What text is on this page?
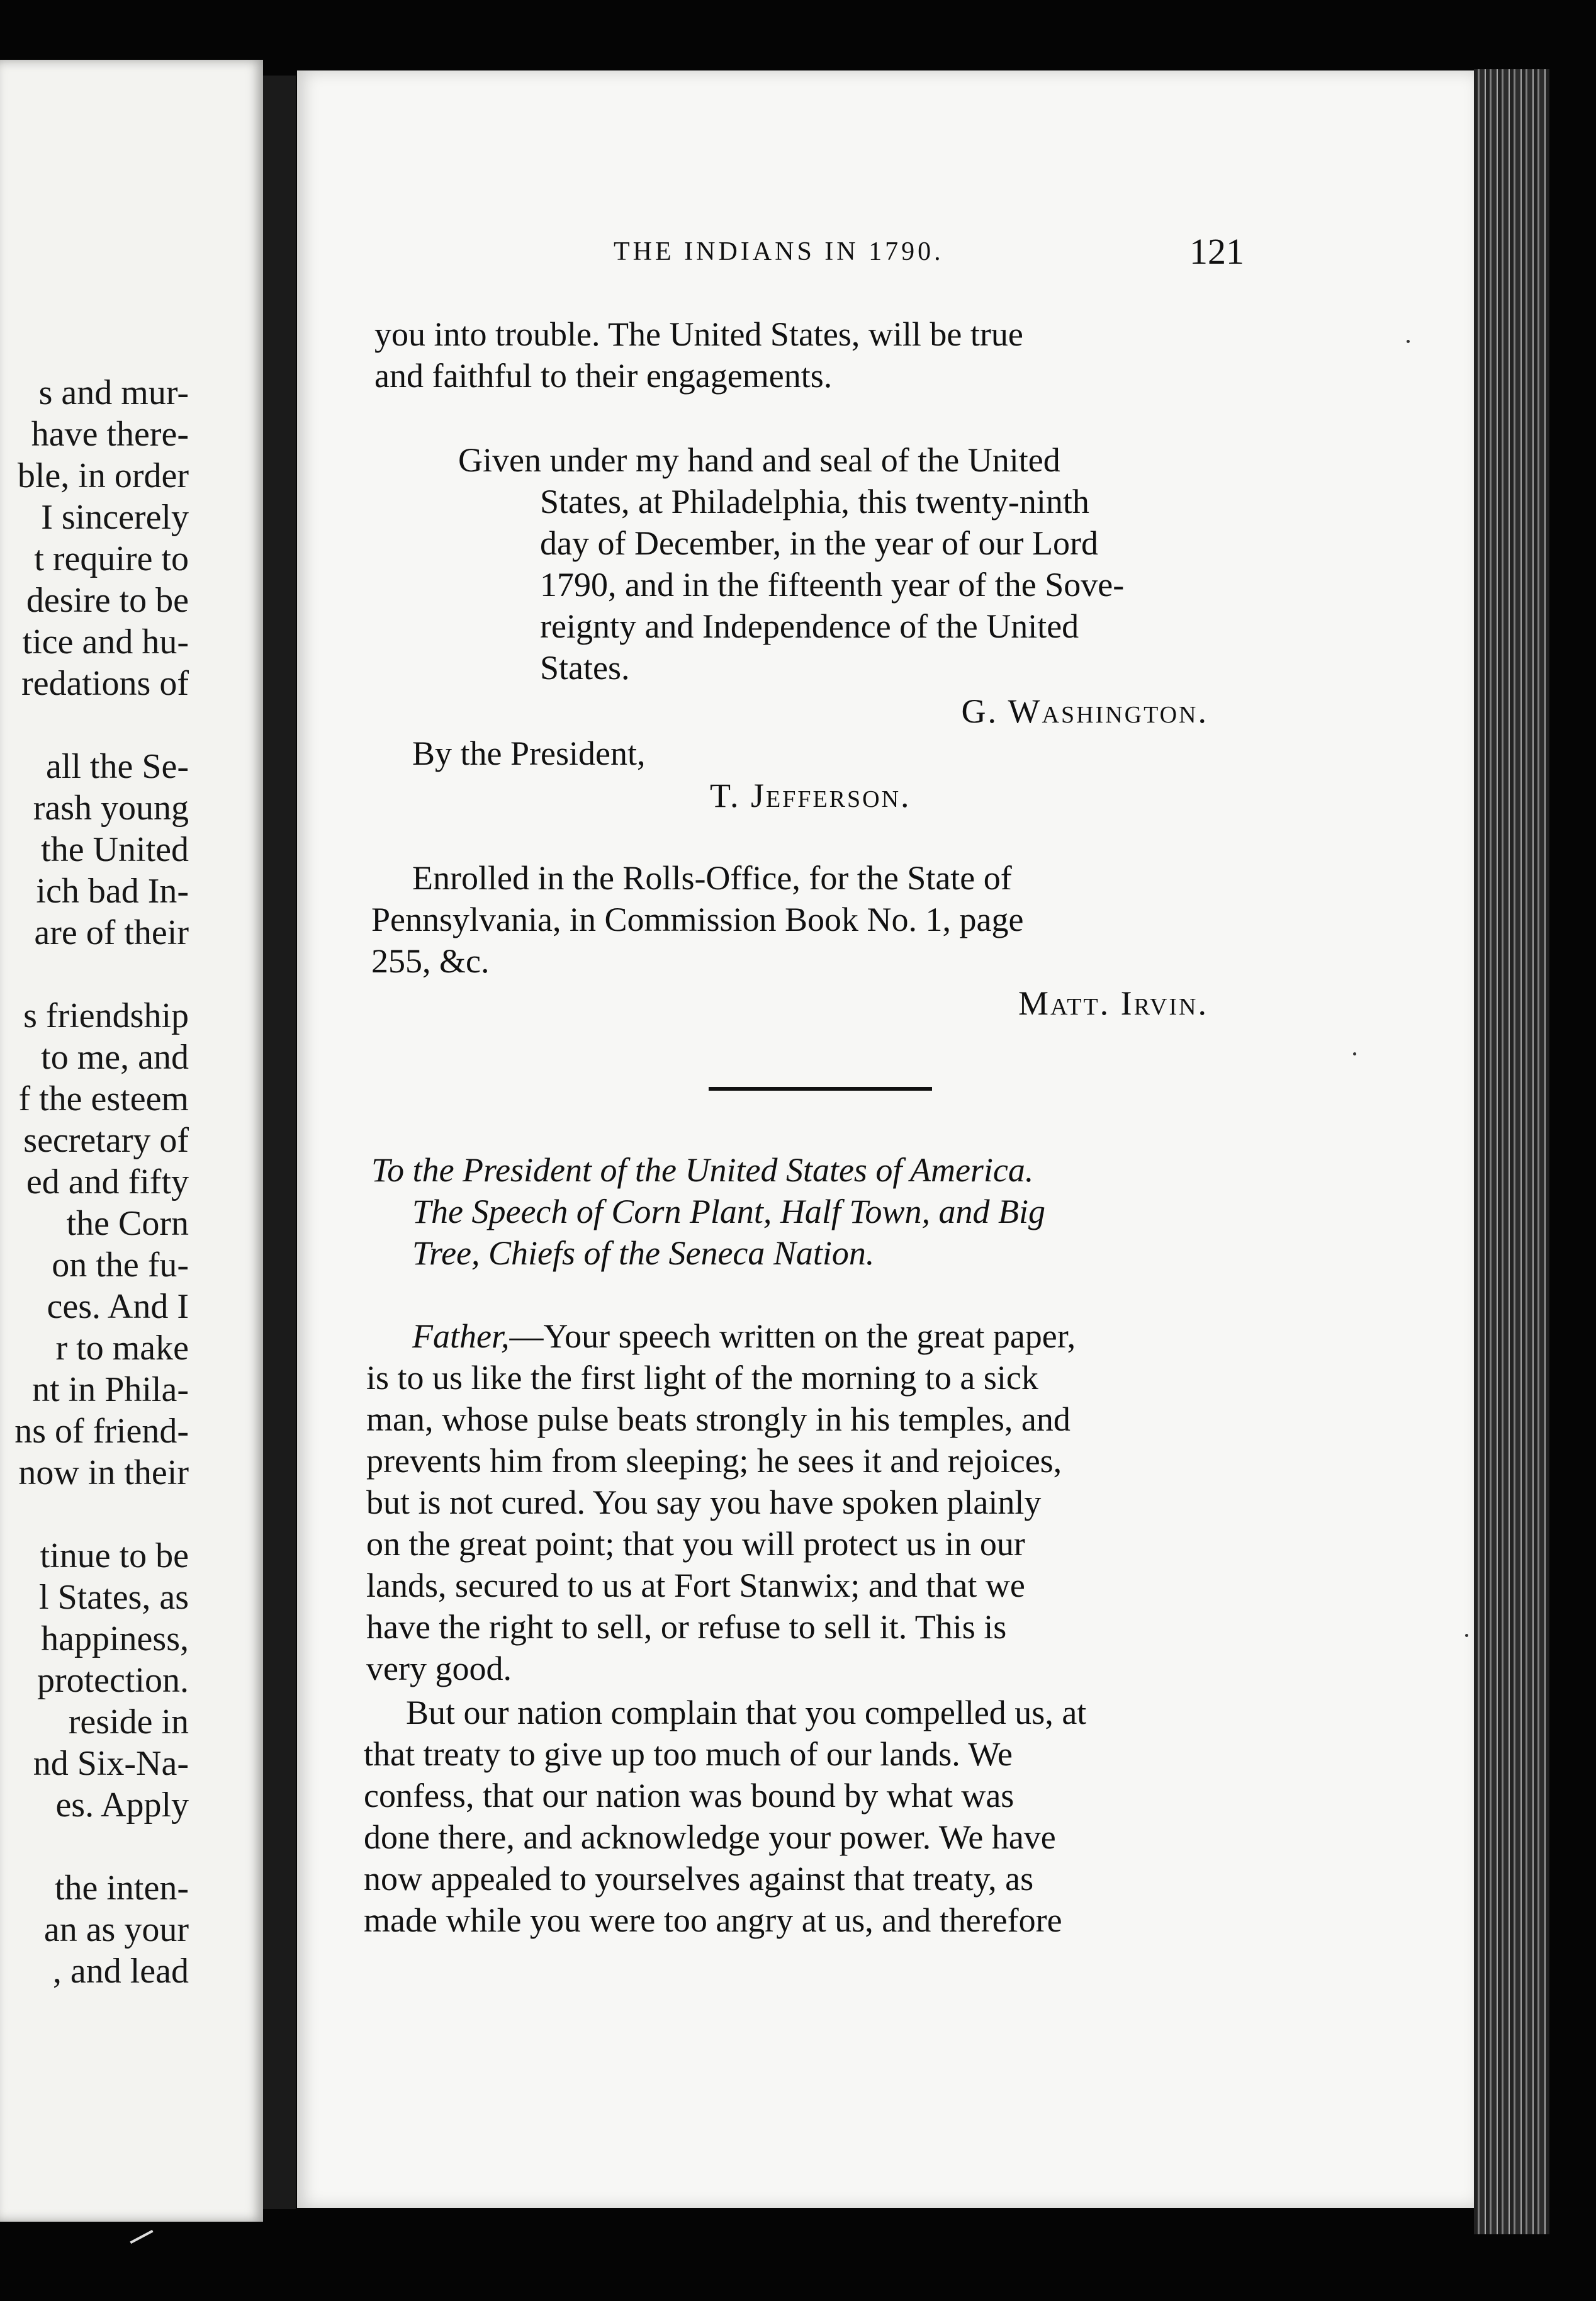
s and mur-
have there-
ble, in order
I sincerely
t require to
desire to be
tice and hu-
redations of
all the Se-
rash young
the United
ich bad In-
are of their
s friendship
to me, and
f the esteem
secretary of
ed and fifty
the Corn
on the fu-
ces. And I
r to make
nt in Phila-
ns of friend-
now in their
tinue to be
l States, as
happiness,
protection.
reside in
nd Six-Na-
es. Apply
the inten-
an as your
, and lead
THE INDIANS IN 1790.	121
you into trouble. The United States, will be true
and faithful to their engagements.
Given under my hand and seal of the United
States, at Philadelphia, this twenty-ninth
day of December, in the year of our Lord
1790, and in the fifteenth year of the Sove-
reignty and Independence of the United
States.
G. Washington.
By the President,
T. Jefferson.
Enrolled in the Rolls-Office, for the State of
Pennsylvania, in Commission Book No. 1, page
255, &c.
Matt. Irvin.
To the President of the United States of America.
The Speech of Corn Plant, Half Town, and Big
Tree, Chiefs of the Seneca Nation.
Father,—Your speech written on the great paper,
is to us like the first light of the morning to a sick
man, whose pulse beats strongly in his temples, and
prevents him from sleeping; he sees it and rejoices,
but is not cured. You say you have spoken plainly
on the great point; that you will protect us in our
lands, secured to us at Fort Stanwix; and that we
have the right to sell, or refuse to sell it. This is
very good.
But our nation complain that you compelled us, at
that treaty to give up too much of our lands. We
confess, that our nation was bound by what was
done there, and acknowledge your power. We have
now appealed to yourselves against that treaty, as
made while you were too angry at us, and therefore
